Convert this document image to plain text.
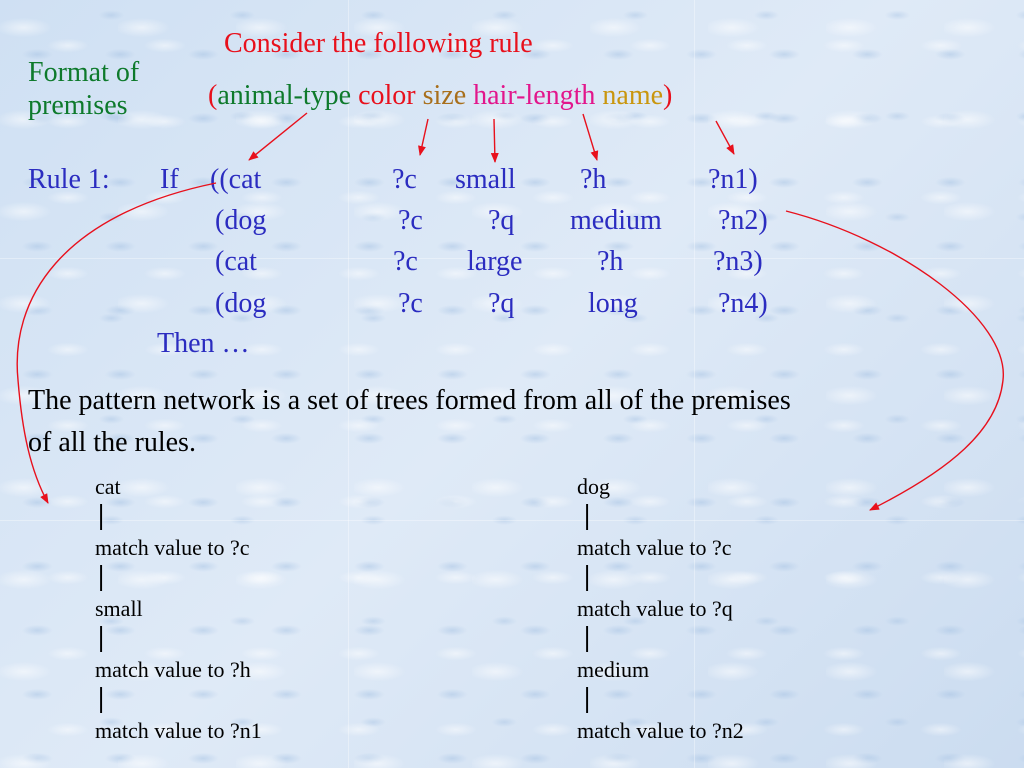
Consider the following rule
Format of
premises	(animal-type color size hair-length name)
Rule 1: If ((cat	?c small ?h	?n1)
(dog	?c ?q medium ?n2)
(cat	?c large	?h	?n3)
(dog	?c ?q	long	?n4)
Then …
The pattern network is a set of trees formed from all of the premises
of all the rules.
cat
|
match value to ?c
|
small
|
match value to ?h
|
match value to ?n1
dog
|
match value to ?c
|
match value to ?q
|
medium
|
match value to ?n2
